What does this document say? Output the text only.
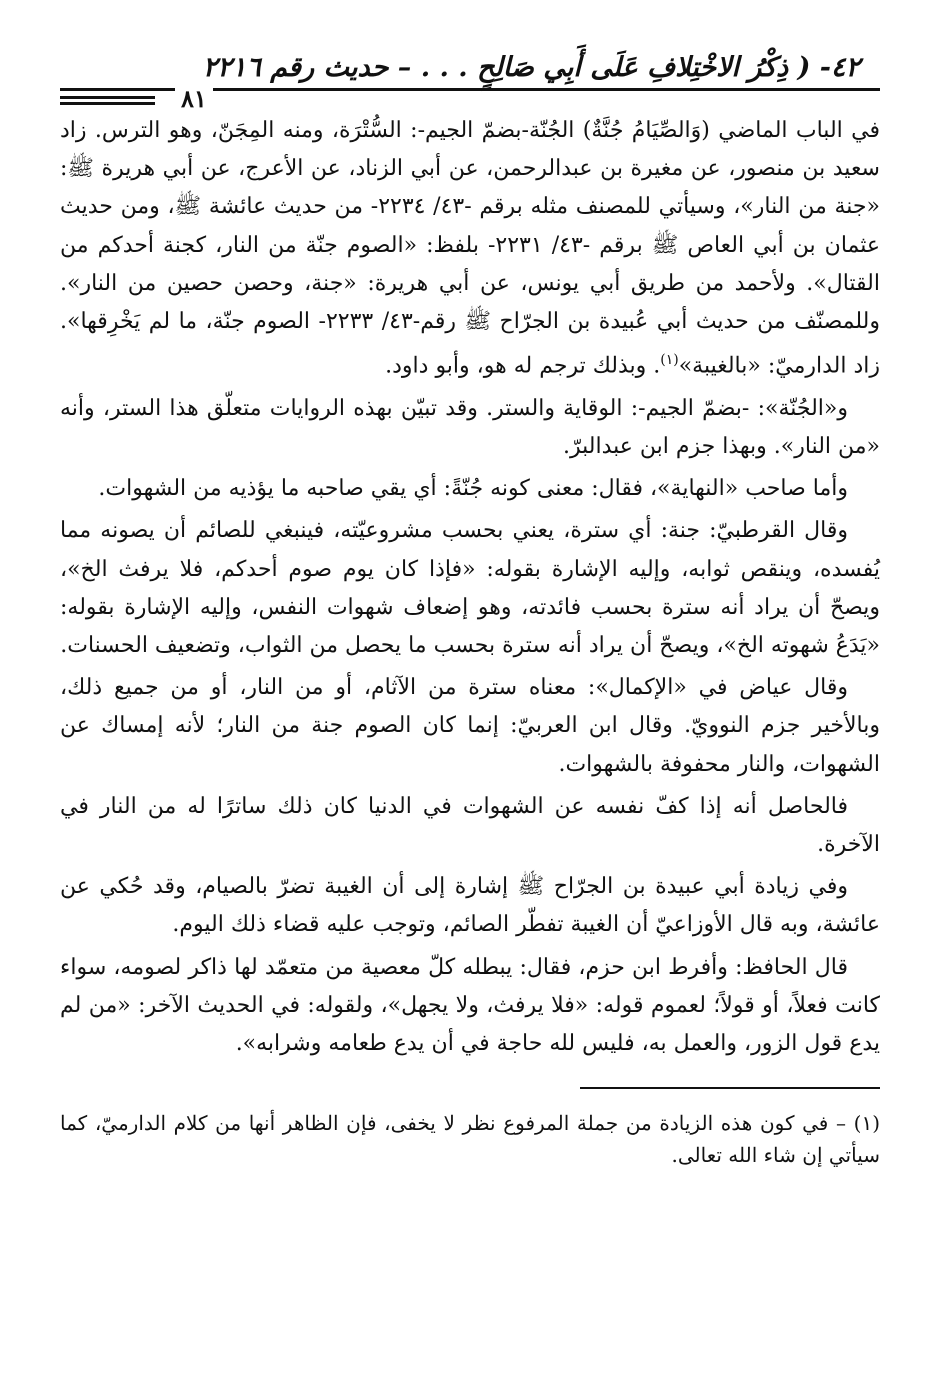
٤٢- ( ذِكْرُ الاخْتِلافِ عَلَى أَبِي صَالِحٍ . . . – حديث رقم ٢٢١٦
٨١

في الباب الماضي (وَالصِّيَامُ جُنَّةٌ) الجُنّة-بضمّ الجيم-: السُّتْرَة، ومنه المِجَنّ، وهو الترس. زاد سعيد بن منصور، عن مغيرة بن عبدالرحمن، عن أبي الزناد، عن الأعرج، عن أبي هريرة ﷺ: «جنة من النار»، وسيأتي للمصنف مثله برقم -٤٣/ ٢٢٣٤- من حديث عائشة ﷺ، ومن حديث عثمان بن أبي العاص ﷺ برقم -٤٣/ ٢٢٣١- بلفظ: «الصوم جنّة من النار، كجنة أحدكم من القتال». ولأحمد من طريق أبي يونس، عن أبي هريرة: «جنة، وحصن حصين من النار». وللمصنّف من حديث أبي عُبيدة بن الجرّاح ﷺ رقم-٤٣/ ٢٢٣٣- الصوم جنّة، ما لم يَخْرِقها». زاد الدارميّ: «بالغيبة»$^{(١)}$. وبذلك ترجم له هو، وأبو داود.

و«الجُنّة»: -بضمّ الجيم-: الوقاية والستر. وقد تبيّن بهذه الروايات متعلّق هذا الستر، وأنه «من النار». وبهذا جزم ابن عبدالبرّ.

وأما صاحب «النهاية»، فقال: معنى كونه جُنّةً: أي يقي صاحبه ما يؤذيه من الشهوات.

وقال القرطبيّ: جنة: أي سترة، يعني بحسب مشروعيّته، فينبغي للصائم أن يصونه مما يُفسده، وينقص ثوابه، وإليه الإشارة بقوله: «فإذا كان يوم صوم أحدكم، فلا يرفث الخ»، ويصحّ أن يراد أنه سترة بحسب فائدته، وهو إضعاف شهوات النفس، وإليه الإشارة بقوله: «يَدَعُ شهوته الخ»، ويصحّ أن يراد أنه سترة بحسب ما يحصل من الثواب، وتضعيف الحسنات.

وقال عياض في «الإكمال»: معناه سترة من الآثام، أو من النار، أو من جميع ذلك، وبالأخير جزم النوويّ. وقال ابن العربيّ: إنما كان الصوم جنة من النار؛ لأنه إمساك عن الشهوات، والنار محفوفة بالشهوات.

فالحاصل أنه إذا كفّ نفسه عن الشهوات في الدنيا كان ذلك ساترًا له من النار في الآخرة.

وفي زيادة أبي عبيدة بن الجرّاح ﷺ إشارة إلى أن الغيبة تضرّ بالصيام، وقد حُكي عن عائشة، وبه قال الأوزاعيّ أن الغيبة تفطّر الصائم، وتوجب عليه قضاء ذلك اليوم.

قال الحافظ: وأفرط ابن حزم، فقال: يبطله كلّ معصية من متعمّد لها ذاكر لصومه، سواء كانت فعلاً، أو قولاً؛ لعموم قوله: «فلا يرفث، ولا يجهل»، ولقوله: في الحديث الآخر: «من لم يدع قول الزور، والعمل به، فليس لله حاجة في أن يدع طعامه وشرابه».

(١) – في كون هذه الزيادة من جملة المرفوع نظر لا يخفى، فإن الظاهر أنها من كلام الدارميّ، كما سيأتي إن شاء الله تعالى.
